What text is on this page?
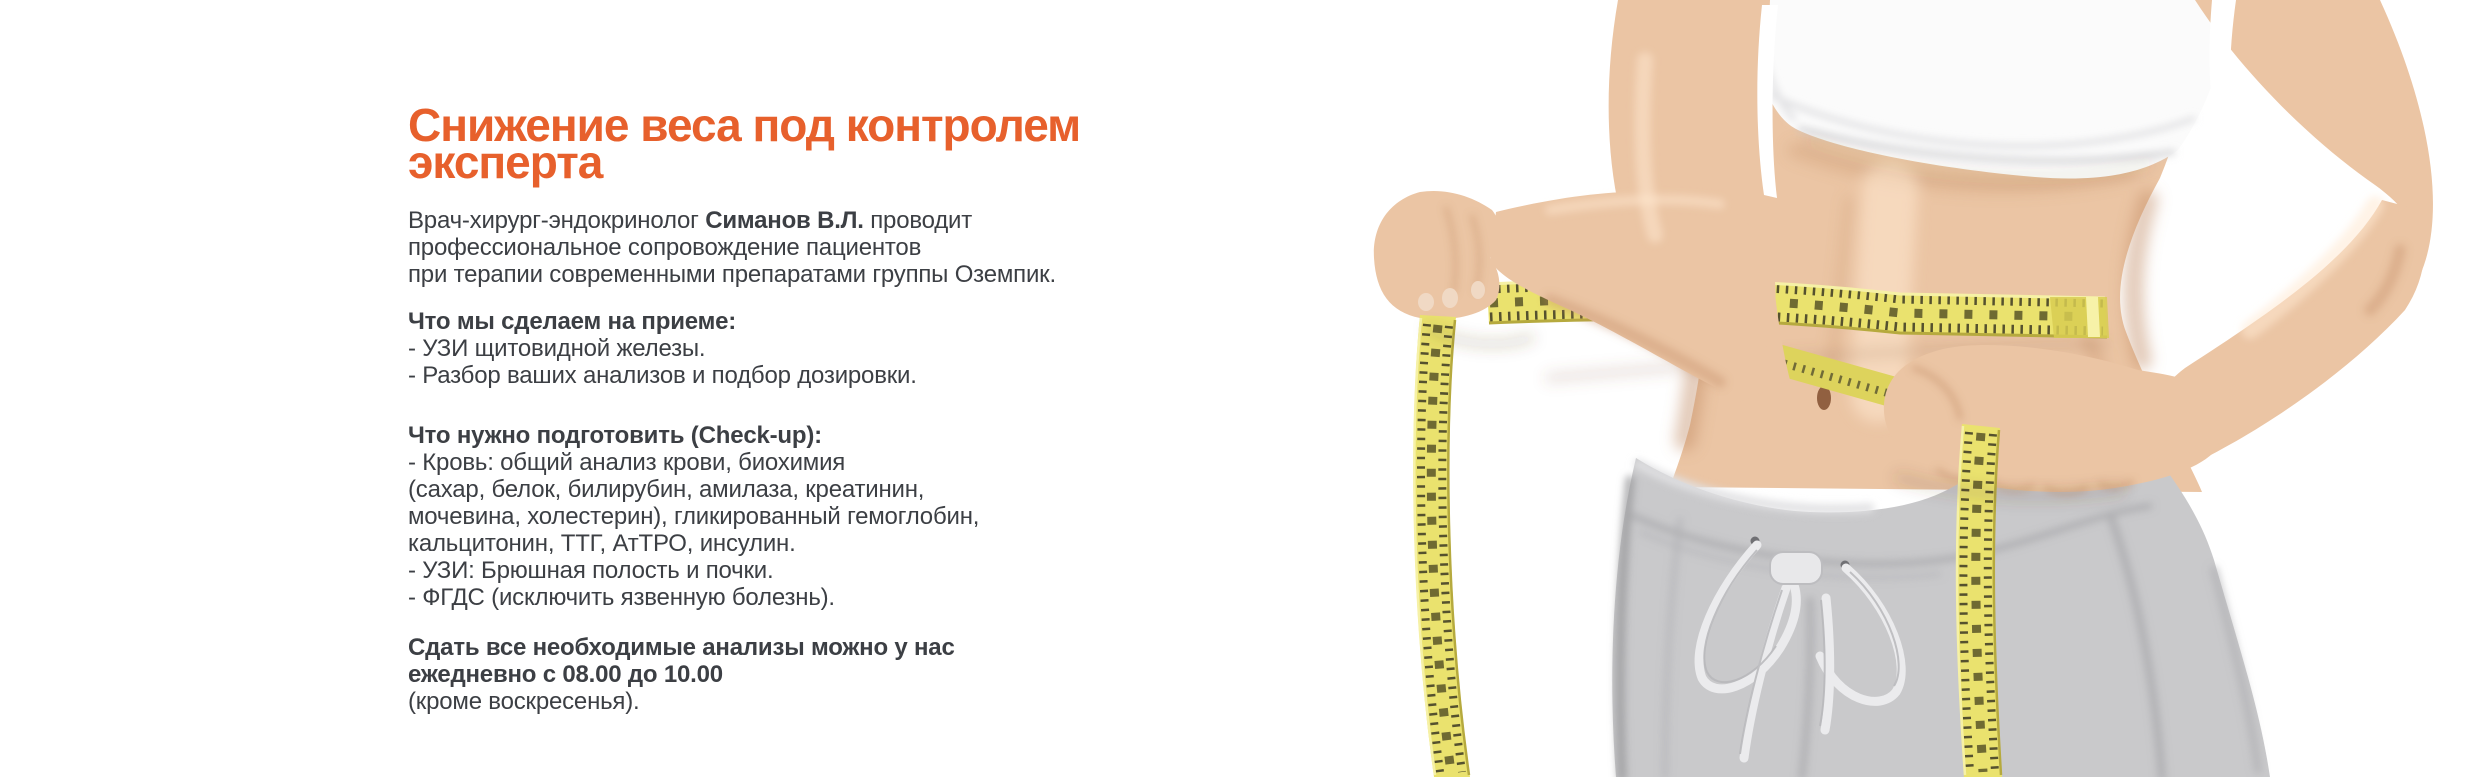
Снижение веса под контролем
эксперта
Врач-хирург-эндокринолог Симанов В.Л. проводит
профессиональное сопровождение пациентов
при терапии современными препаратами группы Оземпик.
Что мы сделаем на приеме:
- УЗИ щитовидной железы.
- Разбор ваших анализов и подбор дозировки.
Что нужно подготовить (Check-up):
- Кровь: общий анализ крови, биохимия
(сахар, белок, билирубин, амилаза, креатинин,
мочевина, холестерин), гликированный гемоглобин,
кальцитонин, ТТГ, АтТРО, инсулин.
- УЗИ: Брюшная полость и почки.
- ФГДС (исключить язвенную болезнь).
Сдать все необходимые анализы можно у нас
ежедневно с 08.00 до 10.00
(кроме воскресенья).
